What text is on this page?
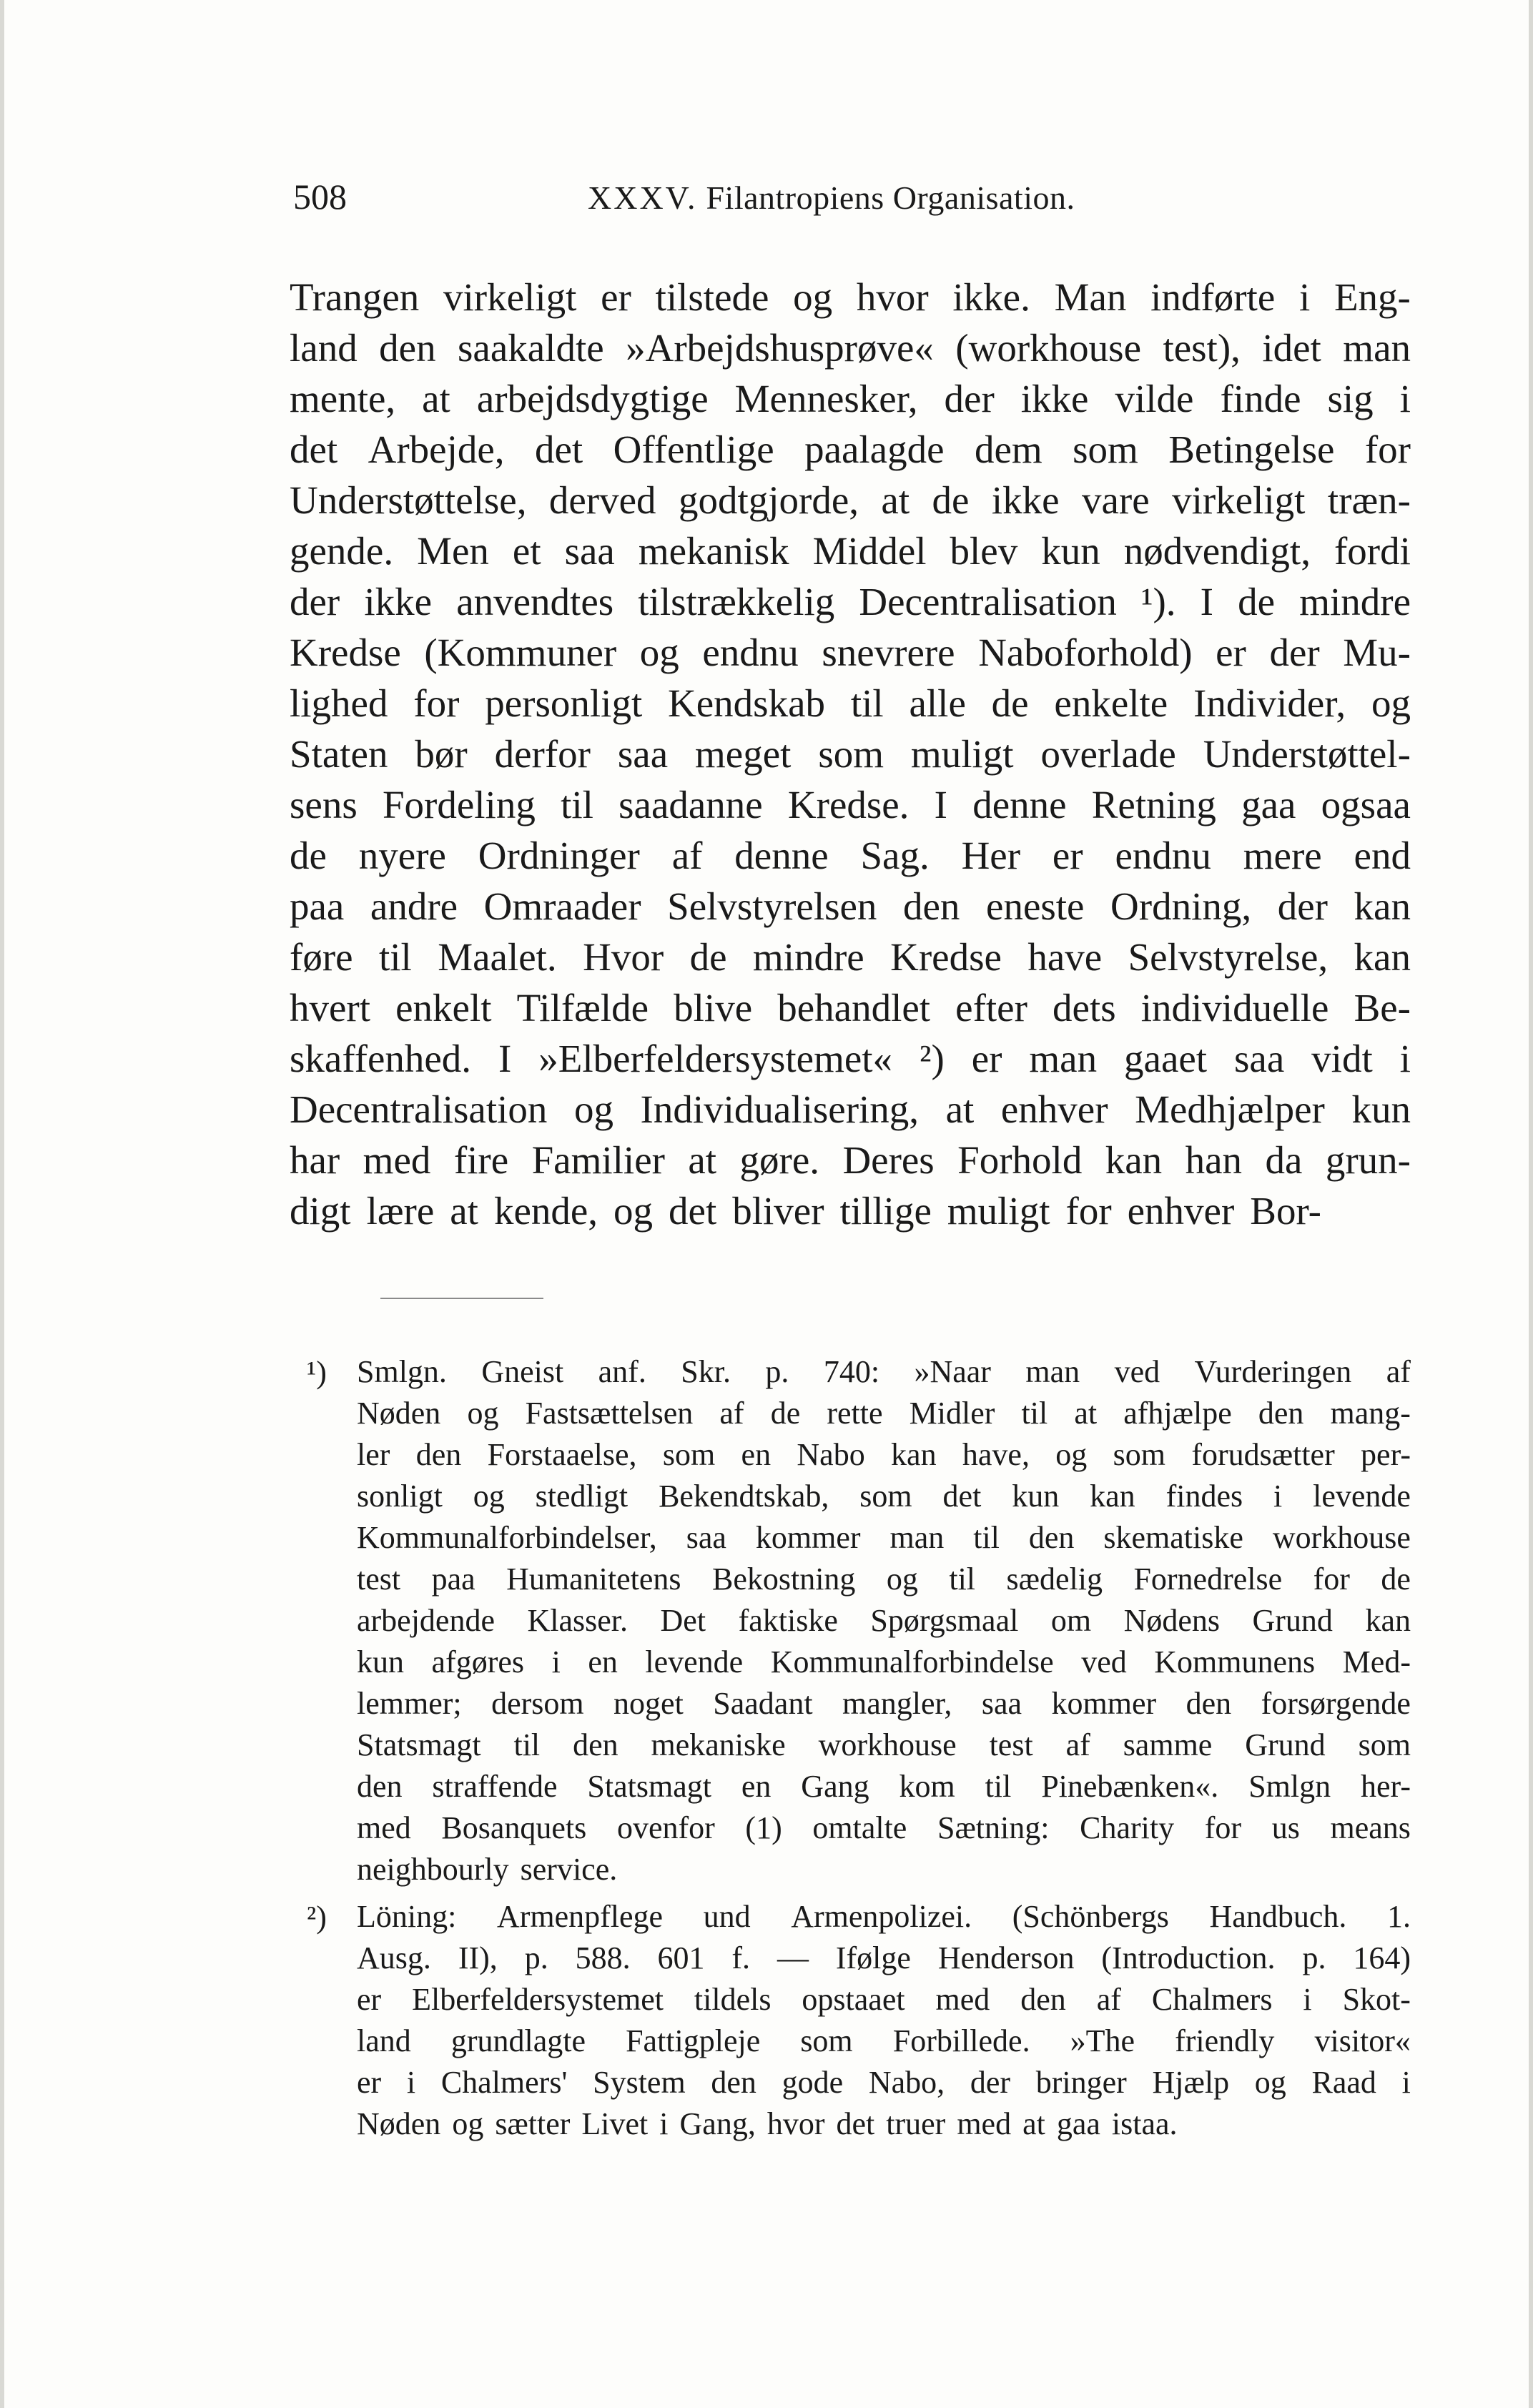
508	XXXV. Filantropiens Organisation.
Trangen virkeligt er tilstede og hvor ikke. Man indførte i Eng-
land den saakaldte »Arbejdshusprøve« (workhouse test), idet man
mente, at arbejdsdygtige Mennesker, der ikke vilde finde sig i
det Arbejde, det Offentlige paalagde dem som Betingelse for
Understøttelse, derved godtgjorde, at de ikke vare virkeligt træn-
gende. Men et saa mekanisk Middel blev kun nødvendigt, fordi
der ikke anvendtes tilstrækkelig Decentralisation ¹). I de mindre
Kredse (Kommuner og endnu snevrere Naboforhold) er der Mu-
lighed for personligt Kendskab til alle de enkelte Individer, og
Staten bør derfor saa meget som muligt overlade Understøttel-
sens Fordeling til saadanne Kredse. I denne Retning gaa ogsaa
de nyere Ordninger af denne Sag. Her er endnu mere end
paa andre Omraader Selvstyrelsen den eneste Ordning, der kan
føre til Maalet. Hvor de mindre Kredse have Selvstyrelse, kan
hvert enkelt Tilfælde blive behandlet efter dets individuelle Be-
skaffenhed. I »Elberfeldersystemet« ²) er man gaaet saa vidt i
Decentralisation og Individualisering, at enhver Medhjælper kun
har med fire Familier at gøre. Deres Forhold kan han da grun-
digt lære at kende, og det bliver tillige muligt for enhver Bor-
¹) Smlgn. Gneist anf. Skr. p. 740: »Naar man ved Vurderingen af
Nøden og Fastsættelsen af de rette Midler til at afhjælpe den mang-
ler den Forstaaelse, som en Nabo kan have, og som forudsætter per-
sonligt og stedligt Bekendtskab, som det kun kan findes i levende
Kommunalforbindelser, saa kommer man til den skematiske workhouse
test paa Humanitetens Bekostning og til sædelig Fornedrelse for de
arbejdende Klasser. Det faktiske Spørgsmaal om Nødens Grund kan
kun afgøres i en levende Kommunalforbindelse ved Kommunens Med-
lemmer; dersom noget Saadant mangler, saa kommer den forsørgende
Statsmagt til den mekaniske workhouse test af samme Grund som
den straffende Statsmagt en Gang kom til Pinebænken«. Smlgn her-
med Bosanquets ovenfor (1) omtalte Sætning: Charity for us means
neighbourly service.
²) Löning: Armenpflege und Armenpolizei. (Schönbergs Handbuch. 1.
Ausg. II), p. 588. 601 f. — Ifølge Henderson (Introduction. p. 164)
er Elberfeldersystemet tildels opstaaet med den af Chalmers i Skot-
land grundlagte Fattigpleje som Forbillede. »The friendly visitor«
er i Chalmers' System den gode Nabo, der bringer Hjælp og Raad i
Nøden og sætter Livet i Gang, hvor det truer med at gaa istaa.
